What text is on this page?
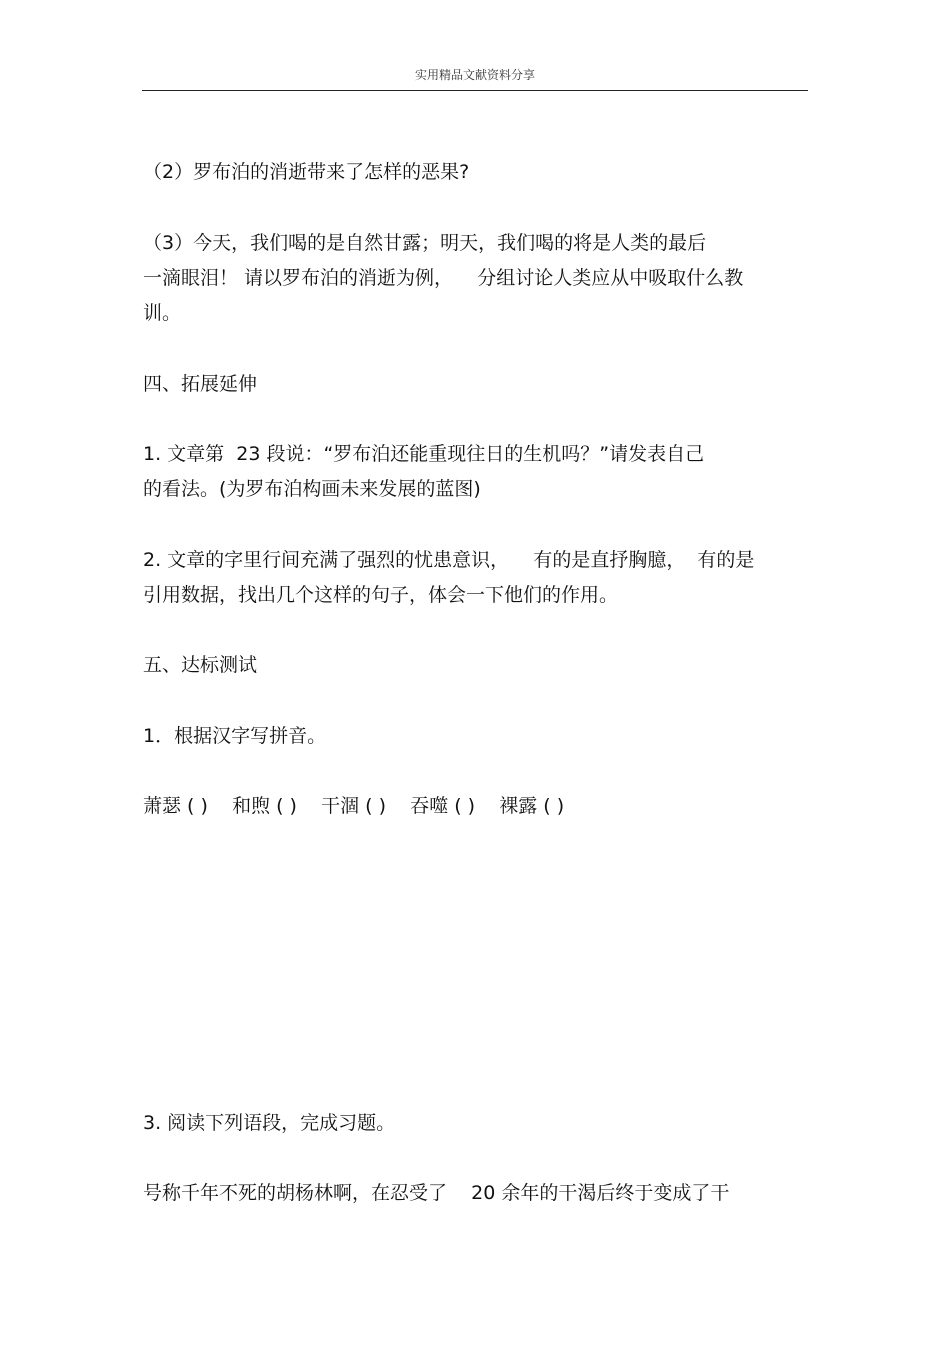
实用精品文献资料分享
（2）罗布泊的消逝带来了怎样的恶果?
（3）今天，我们喝的是自然甘露；明天，我们喝的将是人类的最后
一滴眼泪！ 请以罗布泊的消逝为例，    分组讨论人类应从中吸取什么教
训。
四、拓展延伸
1. 文章第  23 段说：“罗布泊还能重现往日的生机吗？”请发表自己
的看法。(为罗布泊构画未来发展的蓝图)
2. 文章的字里行间充满了强烈的忧患意识，    有的是直抒胸臆，  有的是
引用数据，找出几个这样的句子，体会一下他们的作用。
五、达标测试
1．根据汉字写拼音。
萧瑟 ( )    和煦 ( )    干涸 ( )    吞噬 ( )    裸露 ( )
3. 阅读下列语段，完成习题。
号称千年不死的胡杨林啊，在忍受了    20 余年的干渴后终于变成了干
